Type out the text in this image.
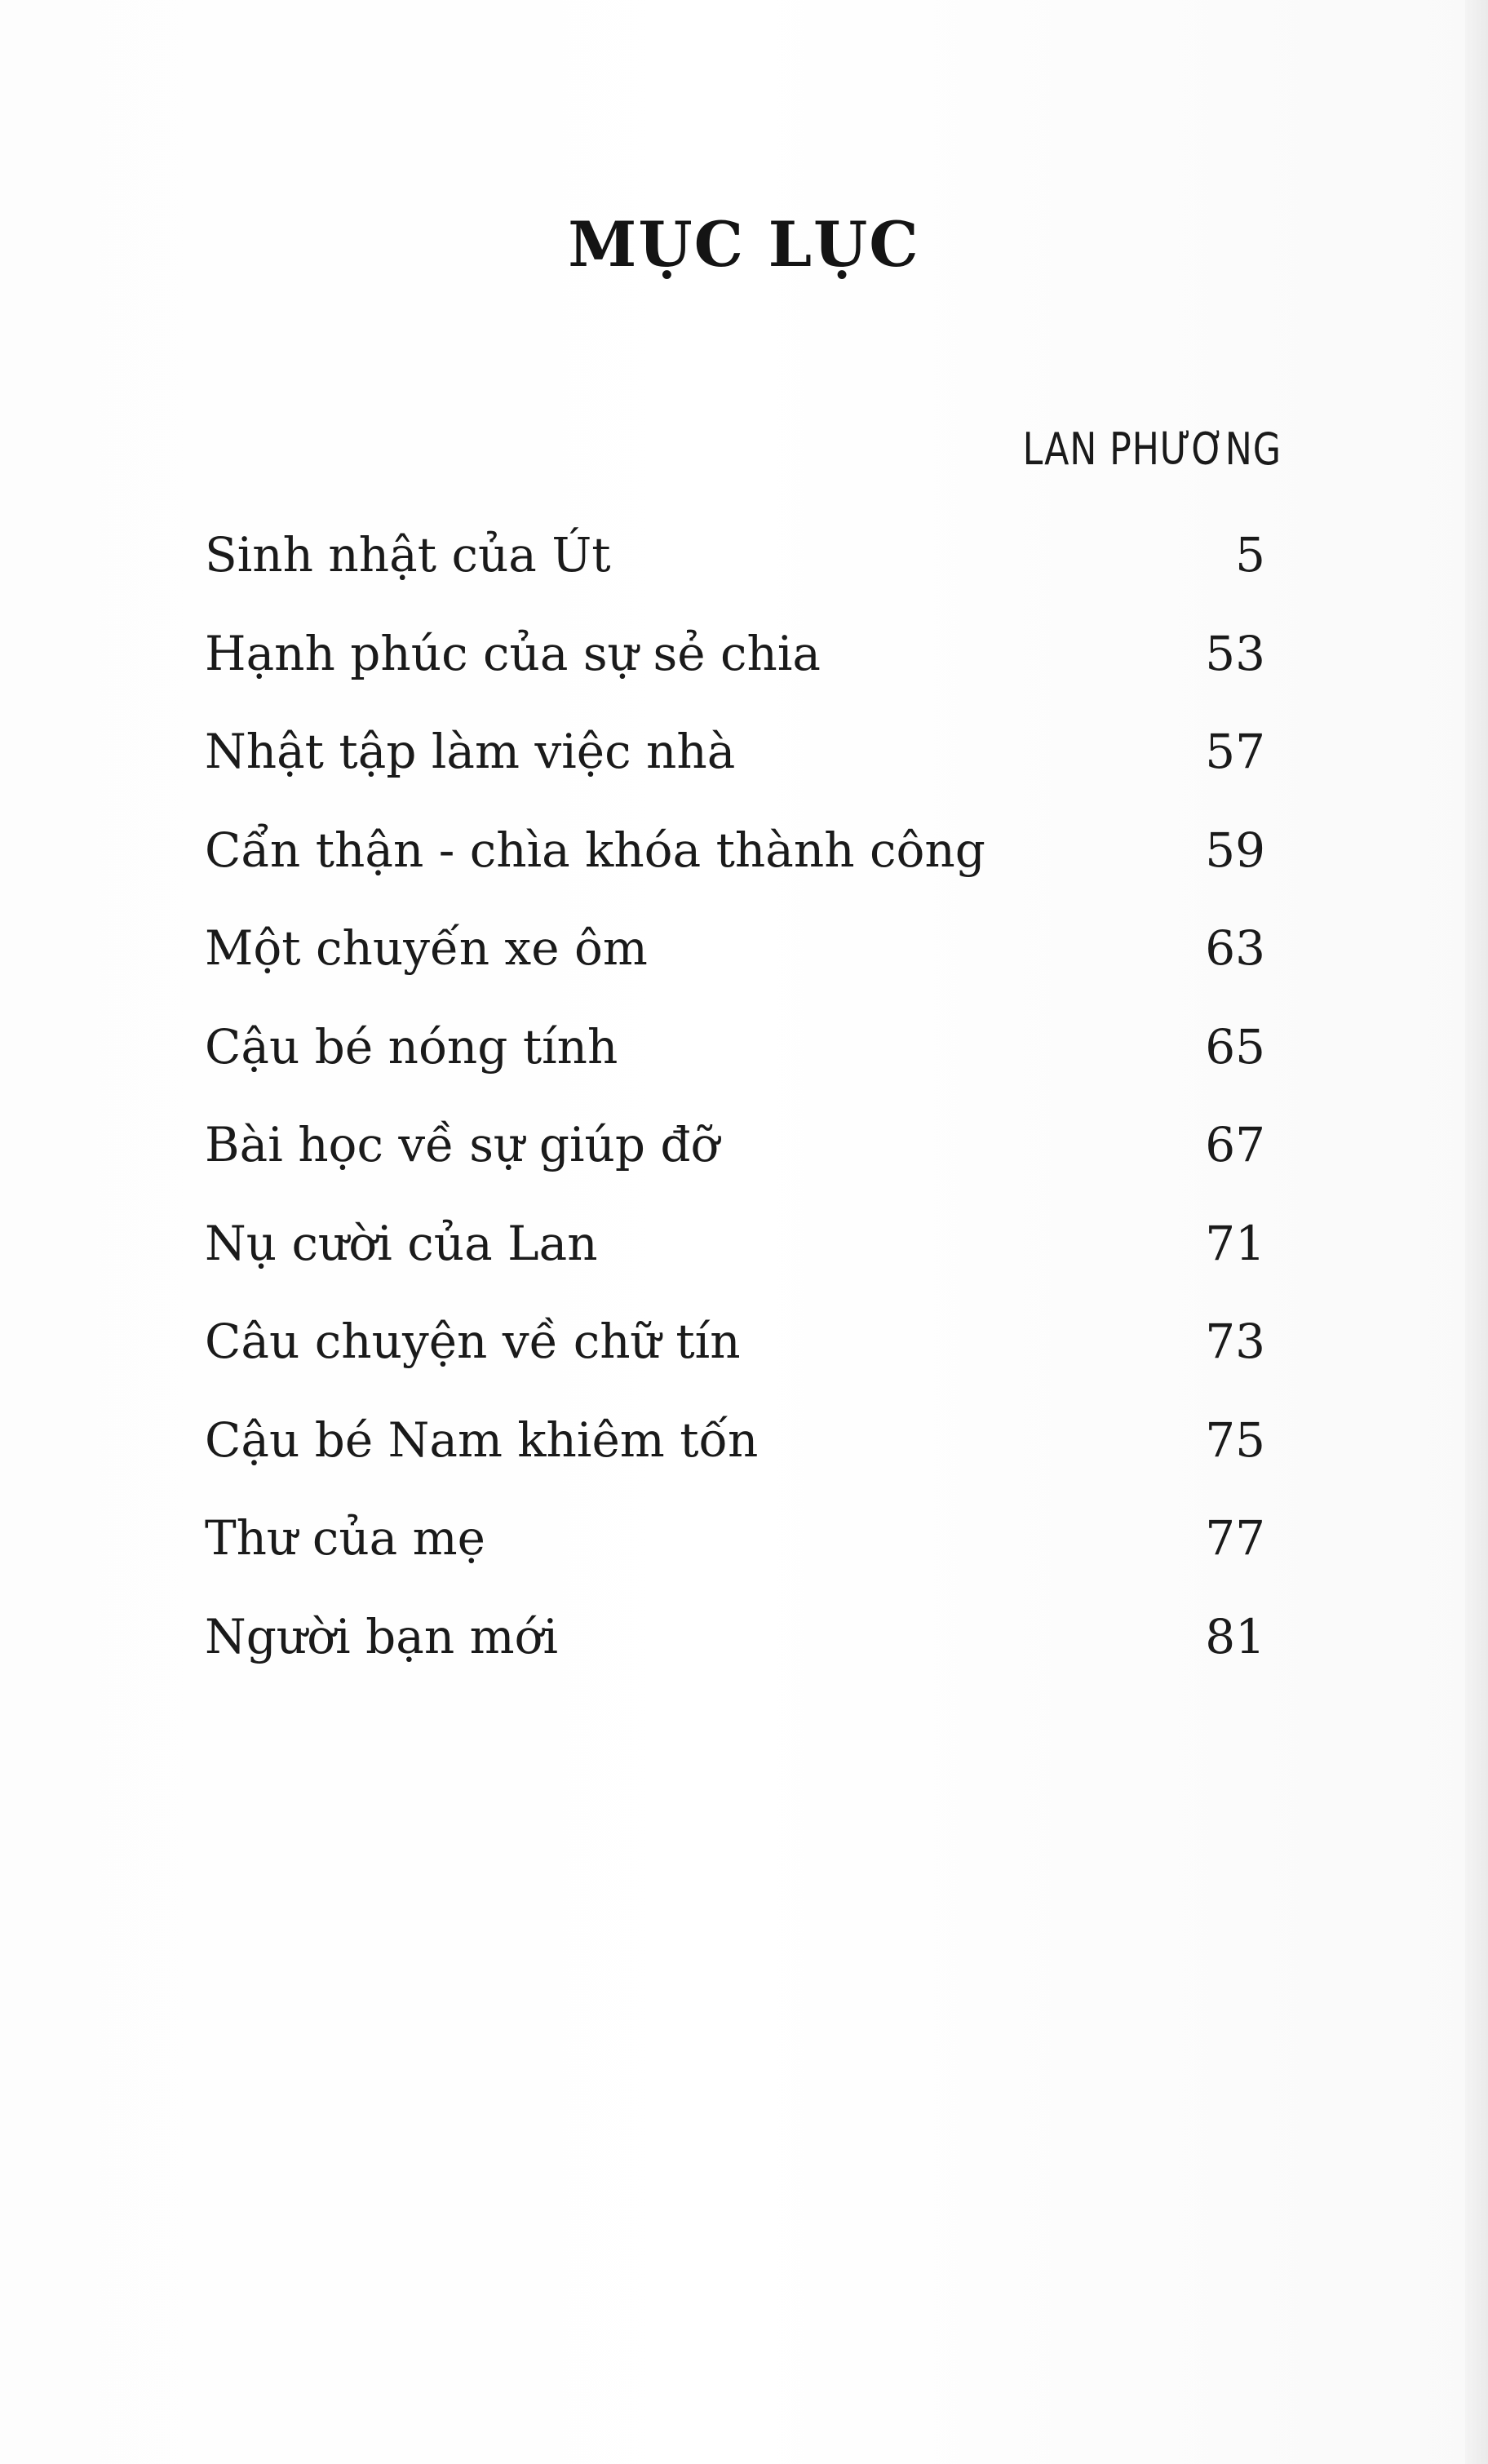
MỤC LỤC
LAN PHƯƠNG
Sinh nhật của Út	5
Hạnh phúc của sự sẻ chia	53
Nhật tập làm việc nhà	57
Cẩn thận - chìa khóa thành công	59
Một chuyến xe ôm	63
Cậu bé nóng tính	65
Bài học về sự giúp đỡ	67
Nụ cười của Lan	71
Câu chuyện về chữ tín	73
Cậu bé Nam khiêm tốn	75
Thư của mẹ	77
Người bạn mới	81
